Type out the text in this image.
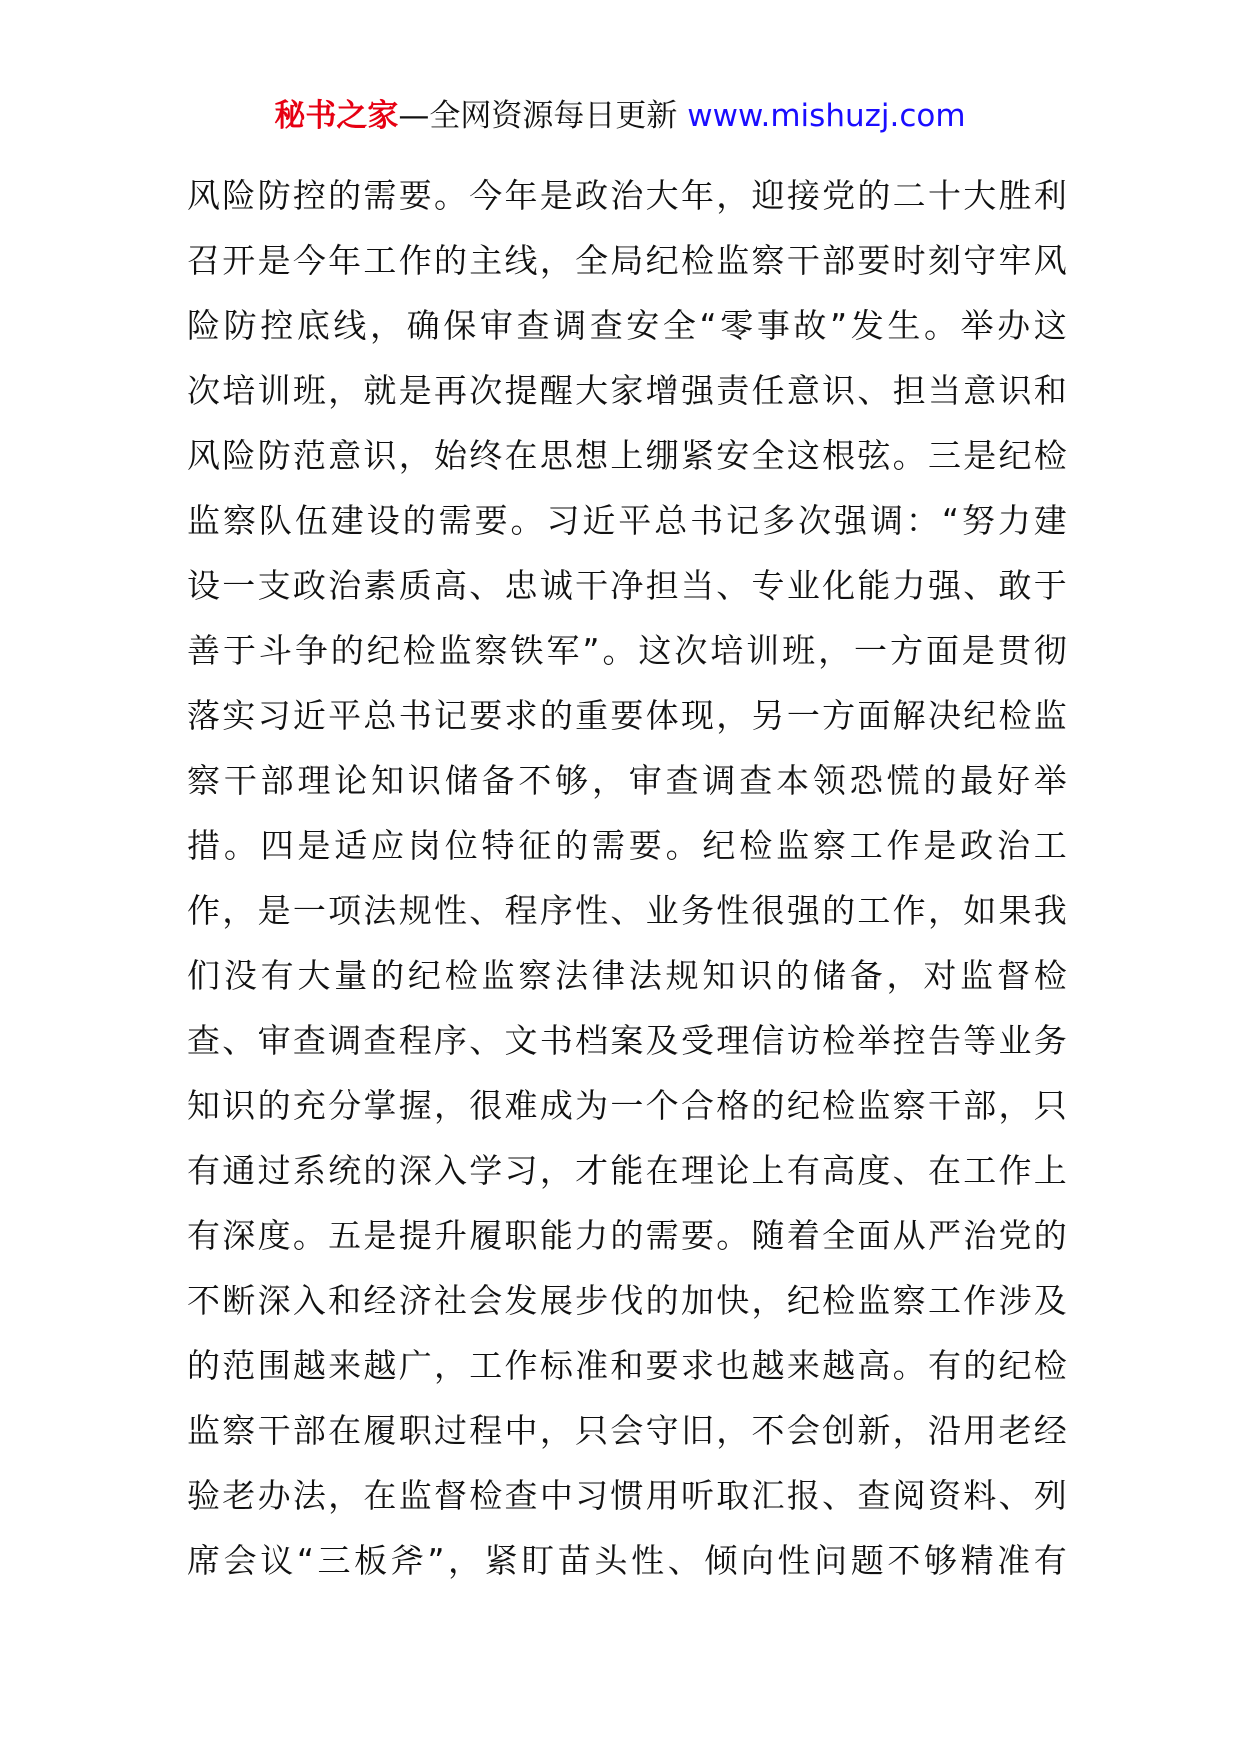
秘书之家—全网资源每日更新 www.mishuzj.com
风险防控的需要。今年是政治大年，迎接党的二十大胜利
召开是今年工作的主线，全局纪检监察干部要时刻守牢风
险防控底线，确保审查调查安全“零事故”发生。举办这
次培训班，就是再次提醒大家增强责任意识、担当意识和
风险防范意识，始终在思想上绷紧安全这根弦。三是纪检
监察队伍建设的需要。习近平总书记多次强调：“努力建
设一支政治素质高、忠诚干净担当、专业化能力强、敢于
善于斗争的纪检监察铁军”。这次培训班，一方面是贯彻
落实习近平总书记要求的重要体现，另一方面解决纪检监
察干部理论知识储备不够，审查调查本领恐慌的最好举
措。四是适应岗位特征的需要。纪检监察工作是政治工
作，是一项法规性、程序性、业务性很强的工作，如果我
们没有大量的纪检监察法律法规知识的储备，对监督检
查、审查调查程序、文书档案及受理信访检举控告等业务
知识的充分掌握，很难成为一个合格的纪检监察干部，只
有通过系统的深入学习，才能在理论上有高度、在工作上
有深度。五是提升履职能力的需要。随着全面从严治党的
不断深入和经济社会发展步伐的加快，纪检监察工作涉及
的范围越来越广，工作标准和要求也越来越高。有的纪检
监察干部在履职过程中，只会守旧，不会创新，沿用老经
验老办法，在监督检查中习惯用听取汇报、查阅资料、列
席会议“三板斧”，紧盯苗头性、倾向性问题不够精准有
